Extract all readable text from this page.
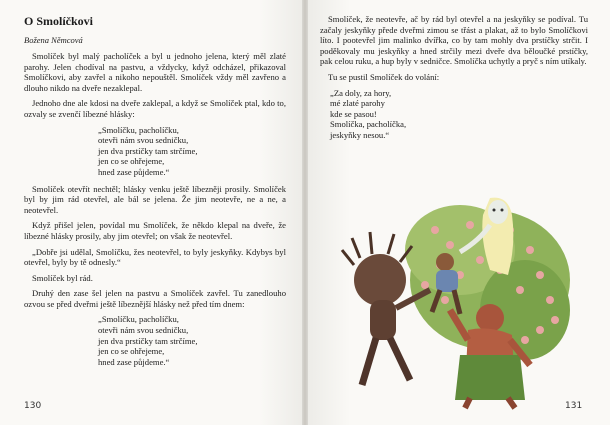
O Smolíčkovi
Božena Němcová

Smolíček byl malý pacholíček a byl u jednoho jelena, který měl zlaté parohy. Jelen chodíval na pastvu, a vždycky, když odcházel, přikazoval Smolíčkovi, aby zavřel a nikoho nepouštěl. Smolíček vždy měl zavřeno a dlouho nikdo na dveře nezaklepal.

Jednoho dne ale kdosi na dveře zaklepal, a když se Smolíček ptal, kdo to, ozvaly se zvenčí líbezné hlásky:

„Smolíčku, pacholíčku,
otevři nám svou sedničku,
jen dva prstíčky tam strčíme,
jen co se ohřejeme,
hned zase půjdeme.“

Smolíček otevřít nechtěl; hlásky venku ještě líbezněji prosily. Smolíček byl by jim rád otevřel, ale bál se jelena. Že jim neotevře, ne a ne, a neotevřel.

Když přišel jelen, povídal mu Smolíček, že někdo klepal na dveře, že líbezné hlásky prosily, aby jim otevřel; on však že neotevřel.

„Dobře jsi udělal, Smolíčku, žes neotevřel, to byly jeskyňky. Kdybys byl otevřel, byly by tě odnesly.“

Smolíček byl rád.

Druhý den zase šel jelen na pastvu a Smolíček zavřel. Tu zanedlouho ozvou se před dveřmi ještě líbeznější hlásky než před tím dnem:

„Smolíčku, pacholíčku,
otevři nám svou sedničku,
jen dva prstíčky tam strčíme,
jen co se ohřejeme,
hned zase půjdeme.“
130

Smolíček, že neotevře, ač by rád byl otevřel a na jeskyňky se podíval. Tu začaly jeskyňky předе dveřmi zimou se třást a plakat, až to bylo Smolíčkovi líto. I pootevřel jim malinko dvířka, co by tam mohly dva prstíčky strčit. I poděkovaly mu jeskyňky a hned strčily mezi dveře dva běloučké prstíčky, pak celou ruku, a hup byly v sedničce. Smolíčka uchytly a pryč s ním utíkaly.

Tu se pustil Smolíček do volání:

„Za doly, za hory,
mé zlaté parohy
kde se pasou!
Smolíčka, pacholíčka,
jeskyňky nesou.“
131
